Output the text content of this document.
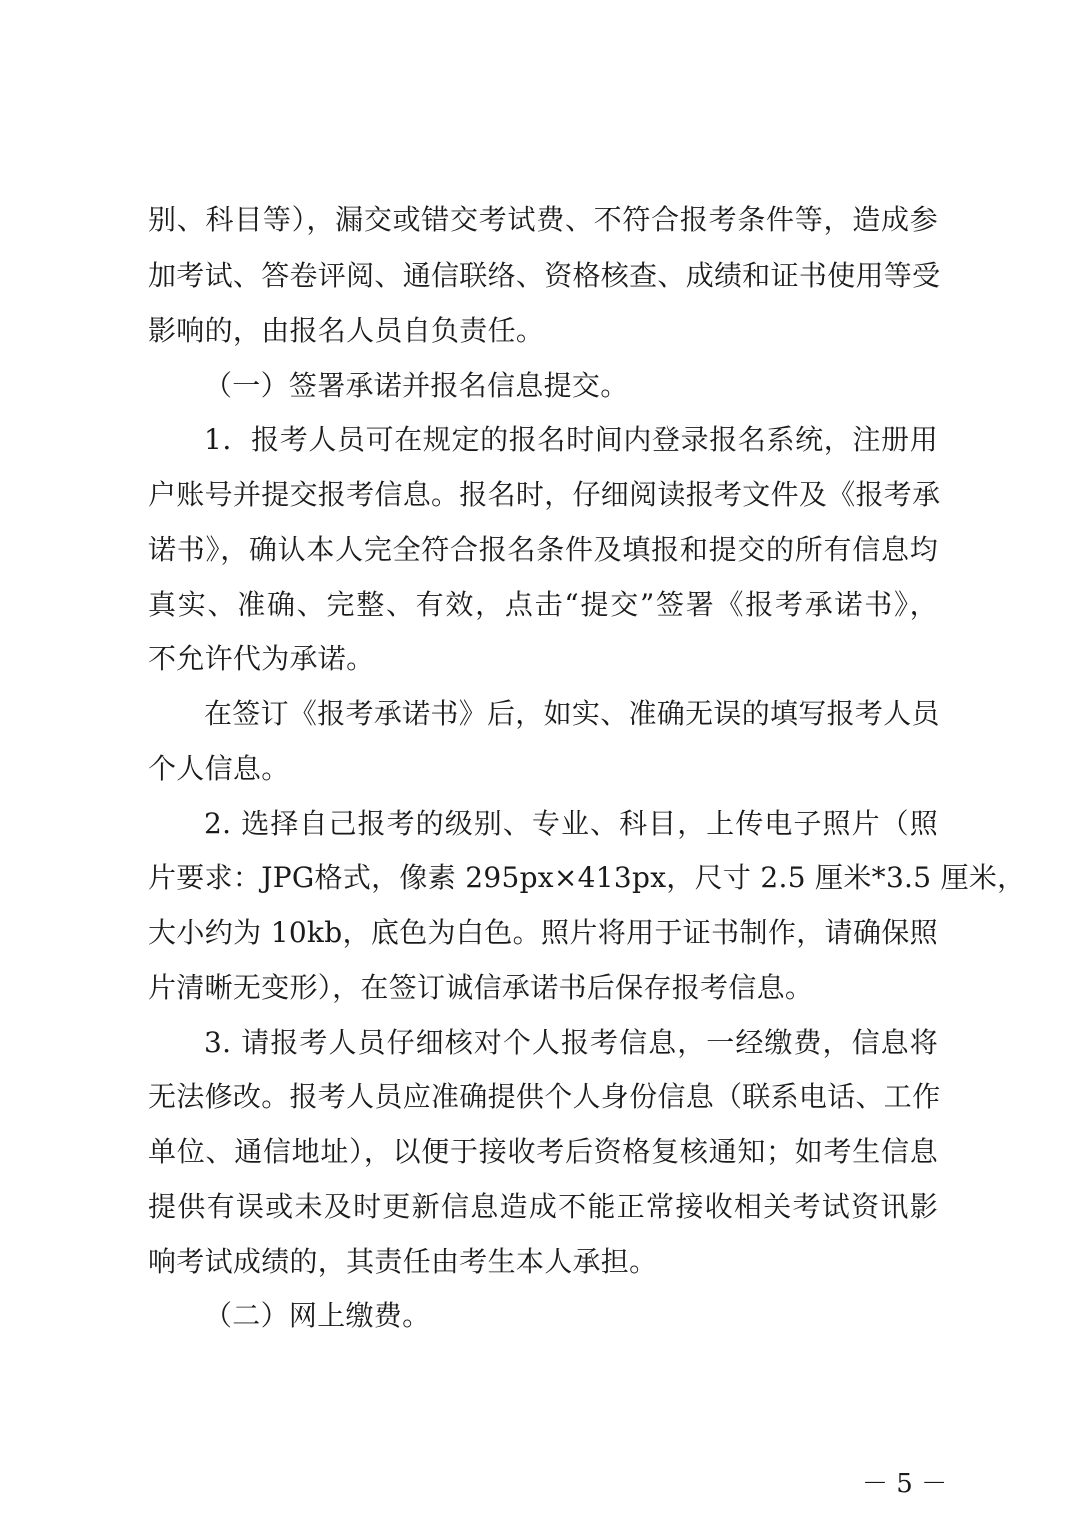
别、科目等），漏交或错交考试费、不符合报考条件等，造成参
加考试、答卷评阅、通信联络、资格核查、成绩和证书使用等受
影响的，由报名人员自负责任。
（一）签署承诺并报名信息提交。
1．报考人员可在规定的报名时间内登录报名系统，注册用
户账号并提交报考信息。报名时，仔细阅读报考文件及《报考承
诺书》，确认本人完全符合报名条件及填报和提交的所有信息均
真实、准确、完整、有效，点击“提交”签署《报考承诺书》，
不允许代为承诺。
在签订《报考承诺书》后，如实、准确无误的填写报考人员
个人信息。
2. 选择自己报考的级别、专业、科目，上传电子照片（照
片要求：JPG格式，像素 295px×413px，尺寸 2.5 厘米*3.5 厘米，
大小约为 10kb，底色为白色。照片将用于证书制作，请确保照
片清晰无变形），在签订诚信承诺书后保存报考信息。
3. 请报考人员仔细核对个人报考信息，一经缴费，信息将
无法修改。报考人员应准确提供个人身份信息（联系电话、工作
单位、通信地址），以便于接收考后资格复核通知；如考生信息
提供有误或未及时更新信息造成不能正常接收相关考试资讯影
响考试成绩的，其责任由考生本人承担。
（二）网上缴费。
－ 5 －
